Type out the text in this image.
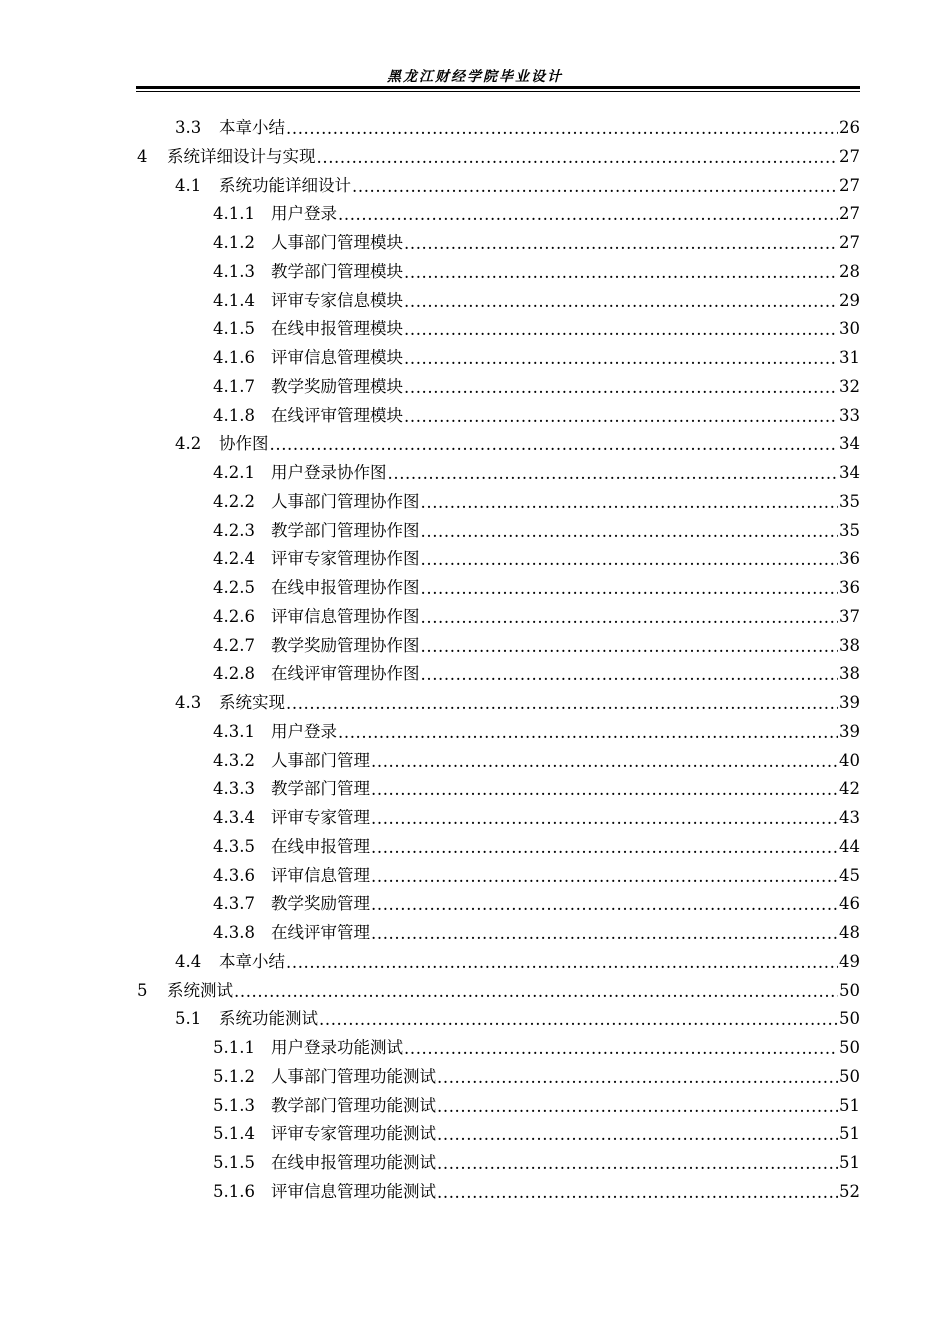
黑龙江财经学院毕业设计
3.3	本章小结 .....	26
4	系统详细设计与实现 .....	27
4.1	系统功能详细设计 .....	27
4.1.1 用户登录 .....	27
4.1.2 人事部门管理模块 .....	27
4.1.3 教学部门管理模块 .....	28
4.1.4 评审专家信息模块 .....	29
4.1.5 在线申报管理模块 .....	30
4.1.6 评审信息管理模块 .....	31
4.1.7 教学奖励管理模块 .....	32
4.1.8 在线评审管理模块 .....	33
4.2	协作图 .....	34
4.2.1 用户登录协作图 .....	34
4.2.2 人事部门管理协作图 .....	35
4.2.3 教学部门管理协作图 .....	35
4.2.4 评审专家管理协作图 .....	36
4.2.5 在线申报管理协作图 .....	36
4.2.6 评审信息管理协作图 .....	37
4.2.7 教学奖励管理协作图 .....	38
4.2.8 在线评审管理协作图 .....	38
4.3	系统实现 .....	39
4.3.1 用户登录 .....	39
4.3.2 人事部门管理 .....	40
4.3.3 教学部门管理 .....	42
4.3.4 评审专家管理 .....	43
4.3.5 在线申报管理 .....	44
4.3.6 评审信息管理 .....	45
4.3.7 教学奖励管理 .....	46
4.3.8 在线评审管理 .....	48
4.4	本章小结 .....	49
5	系统测试 .....	50
5.1	系统功能测试 .....	50
5.1.1 用户登录功能测试 .....	50
5.1.2 人事部门管理功能测试 .....	50
5.1.3 教学部门管理功能测试 .....	51
5.1.4 评审专家管理功能测试 .....	51
5.1.5 在线申报管理功能测试 .....	51
5.1.6 评审信息管理功能测试 .....	52
